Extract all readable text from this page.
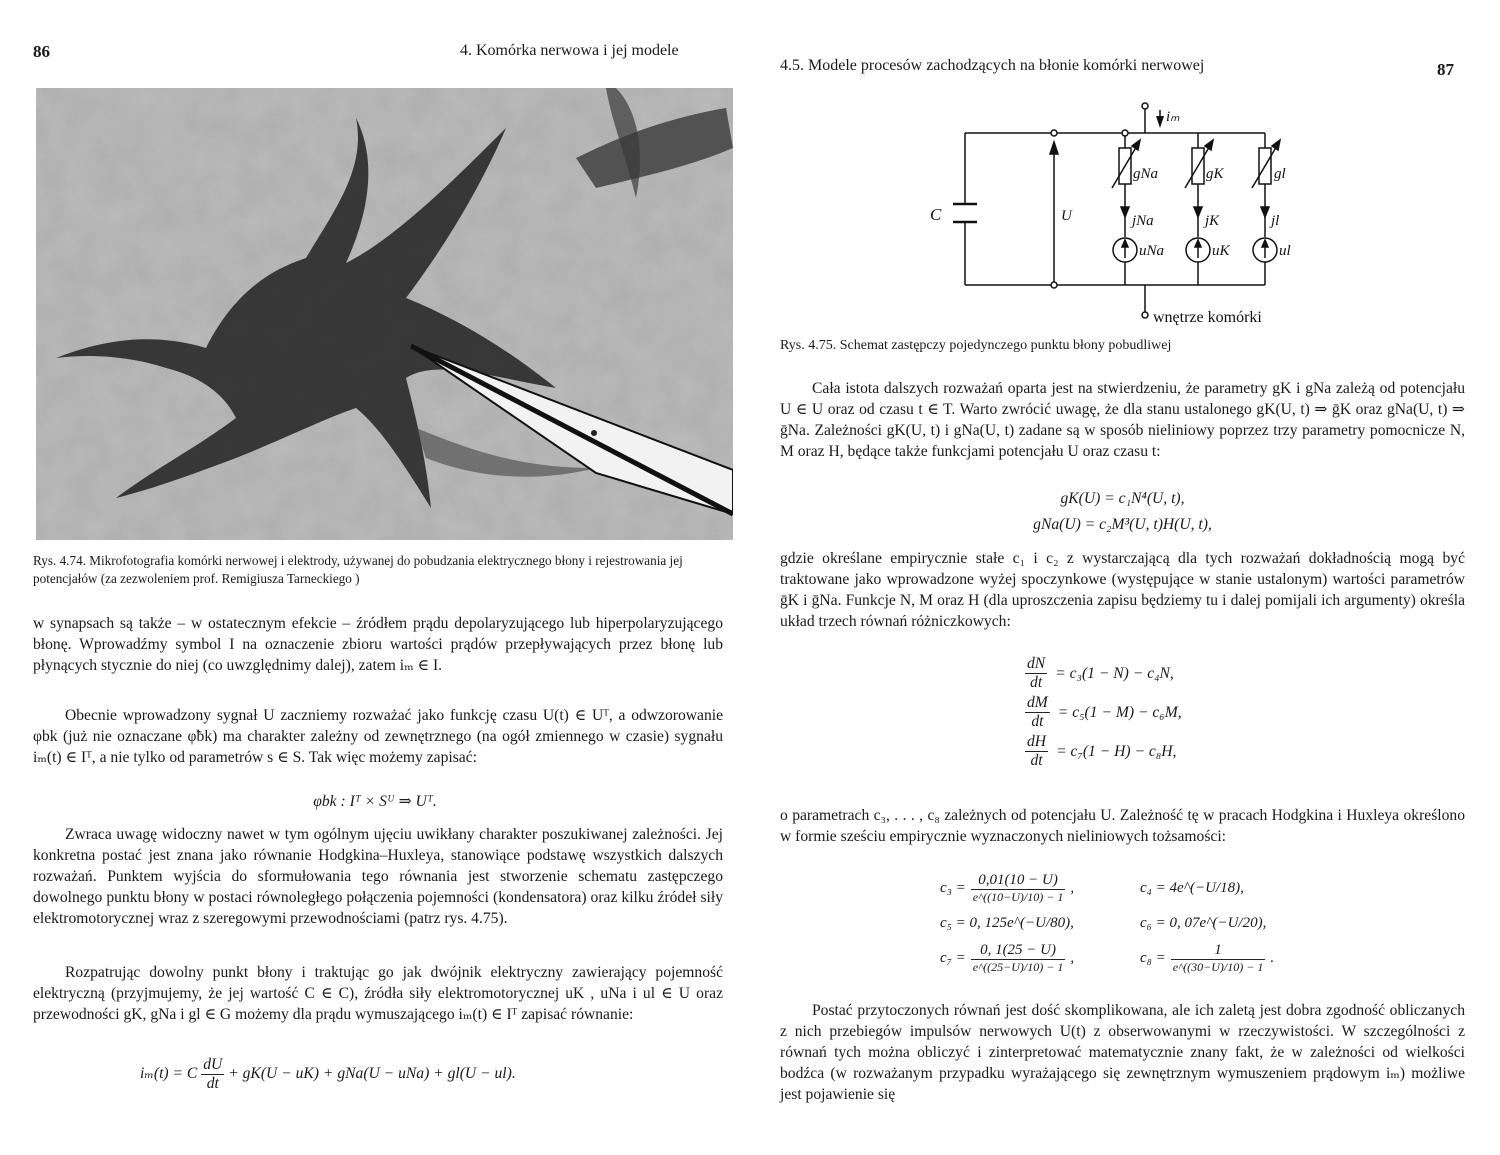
86	4. Komórka nerwowa i jej modele
Rys. 4.74. Mikrofotografia komórki nerwowej i elektrody, używanej do pobudzania elektrycznego błony i rejestrowania jej potencjałów (za zezwoleniem prof. Remigiusza Tarneckiego )
w synapsach są także – w ostatecznym efekcie – źródłem prądu depolaryzującego lub hiperpolaryzującego błonę. Wprowadźmy symbol I na oznaczenie zbioru wartości prądów przepływających przez błonę lub płynących stycznie do niej (co uwzględnimy dalej), zatem iₘ ∈ I.
Obecnie wprowadzony sygnał U zaczniemy rozważać jako funkcję czasu U(t) ∈ Uᵀ, a odwzorowanie φbk (już nie oznaczane φ̃bk) ma charakter zależny od zewnętrznego (na ogół zmiennego w czasie) sygnału iₘ(t) ∈ Iᵀ, a nie tylko od parametrów s ∈ S. Tak więc możemy zapisać:
φbk : Iᵀ × Sᵁ ⇒ Uᵀ.
Zwraca uwagę widoczny nawet w tym ogólnym ujęciu uwikłany charakter poszukiwanej zależności. Jej konkretna postać jest znana jako równanie Hodgkina–Huxleya, stanowiące podstawę wszystkich dalszych rozważań. Punktem wyjścia do sformułowania tego równania jest stworzenie schematu zastępczego dowolnego punktu błony w postaci równoległego połączenia pojemności (kondensatora) oraz kilku źródeł siły elektromotorycznej wraz z szeregowymi przewodnościami (patrz rys. 4.75).
Rozpatrując dowolny punkt błony i traktując go jak dwójnik elektryczny zawierający pojemność elektryczną (przyjmujemy, że jej wartość C ∈ C), źródła siły elektromotorycznej uK , uNa i ul ∈ U oraz przewodności gK, gNa i gl ∈ G możemy dla prądu wymuszającego iₘ(t) ∈ Iᵀ zapisać równanie:
iₘ(t) = C $\frac{dU}{dt} + gK(U - uK) + gNa(U - uNa) + gl(U - ul)$.
4.5. Modele procesów zachodzących na błonie komórki nerwowej	87
iₘ
C	U
gNa	gK	gl
jNa	jK	jl
uNa	uK	ul
wnętrze komórki
Rys. 4.75. Schemat zastępczy pojedynczego punktu błony pobudliwej
Cała istota dalszych rozważań oparta jest na stwierdzeniu, że parametry gK i gNa zależą od potencjału U ∈ U oraz od czasu t ∈ T. Warto zwrócić uwagę, że dla stanu ustalonego gK(U, t) ⇒ ḡK oraz gNa(U, t) ⇒ ḡNa. Zależności gK(U, t) i gNa(U, t) zadane są w sposób nieliniowy poprzez trzy parametry pomocnicze N, M oraz H, będące także funkcjami potencjału U oraz czasu t:
gK(U) = c₁N⁴(U, t),
gNa(U) = c₂M³(U, t)H(U, t),
gdzie określane empirycznie stałe c₁ i c₂ z wystarczającą dla tych rozważań dokładnością mogą być traktowane jako wprowadzone wyżej spoczynkowe (występujące w stanie ustalonym) wartości parametrów ḡK i ḡNa. Funkcje N, M oraz H (dla uproszczenia zapisu będziemy tu i dalej pomijali ich argumenty) określa układ trzech równań różniczkowych:
$\frac{dN}{dt} = c_3(1 - N) - c_4N$,
$\frac{dM}{dt} = c_5(1 - M) - c_6M$,
$\frac{dH}{dt} = c_7(1 - H) - c_8H$,
o parametrach c₃, . . . , c₈ zależnych od potencjału U. Zależność tę w pracach Hodgkina i Huxleya określono w formie sześciu empirycznie wyznaczonych nieliniowych tożsamości:
$c_3 = \frac{0,01(10 - U)}{e\^{}((10-U)/10) - 1}$ ,	c₄ = 4e^(−U/18),
c₅ = 0, 125e^(−U/80),	c₆ = 0, 07e^(−U/20),
$c_7 = \frac{0, 1(25 - U)}{e\^{}((25-U)/10) - 1}$ ,	$c_8 = \frac{1}{e\^{}((30-U)/10) - 1}$ .
Postać przytoczonych równań jest dość skomplikowana, ale ich zaletą jest dobra zgodność obliczanych z nich przebiegów impulsów nerwowych U(t) z obserwowanymi w rzeczywistości. W szczególności z równań tych można obliczyć i zinterpretować matematycznie znany fakt, że w zależności od wielkości bodźca (w rozważanym przypadku wyrażającego się zewnętrznym wymuszeniem prądowym iₘ) możliwe jest pojawienie się
